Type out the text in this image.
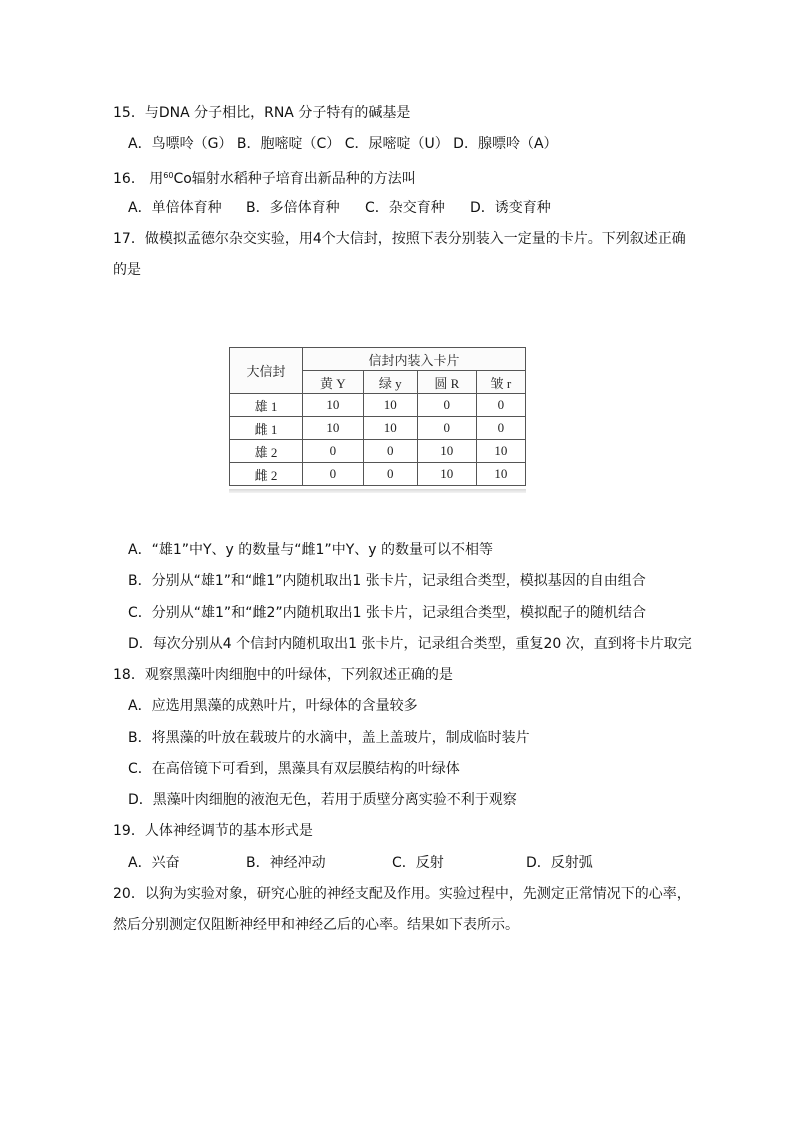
15．与DNA 分子相比，RNA 分子特有的碱基是
A．鸟嘌呤（G） B．胞嘧啶（C） C．尿嘧啶（U） D．腺嘌呤（A）
16． 用$^{60}$Co辐射水稻种子培育出新品种的方法叫
A．单倍体育种 B．多倍体育种 C．杂交育种 D．诱变育种
17．做模拟孟德尔杂交实验，用4个大信封，按照下表分别装入一定量的卡片。下列叙述正确
的是
大信封	信封内装入卡片			
	黄 Y	绿 y	圆 R	皱 r
雄 1	10	10	0	0
雌 1	10	10	0	0
雄 2	0	0	10	10
雌 2	0	0	10	10
A．“雄1”中Y、y 的数量与“雌1”中Y、y 的数量可以不相等
B．分别从“雄1”和“雌1”内随机取出1 张卡片，记录组合类型，模拟基因的自由组合
C．分别从“雄1”和“雌2”内随机取出1 张卡片，记录组合类型，模拟配子的随机结合
D．每次分别从4 个信封内随机取出1 张卡片，记录组合类型，重复20 次，直到将卡片取完
18．观察黑藻叶肉细胞中的叶绿体，下列叙述正确的是
A．应选用黑藻的成熟叶片，叶绿体的含量较多
B．将黑藻的叶放在载玻片的水滴中，盖上盖玻片，制成临时装片
C．在高倍镜下可看到，黑藻具有双层膜结构的叶绿体
D．黑藻叶肉细胞的液泡无色，若用于质壁分离实验不利于观察
19．人体神经调节的基本形式是
A．兴奋	B．神经冲动	C．反射	D．反射弧
20．以狗为实验对象，研究心脏的神经支配及作用。实验过程中，先测定正常情况下的心率，
然后分别测定仅阻断神经甲和神经乙后的心率。结果如下表所示。
